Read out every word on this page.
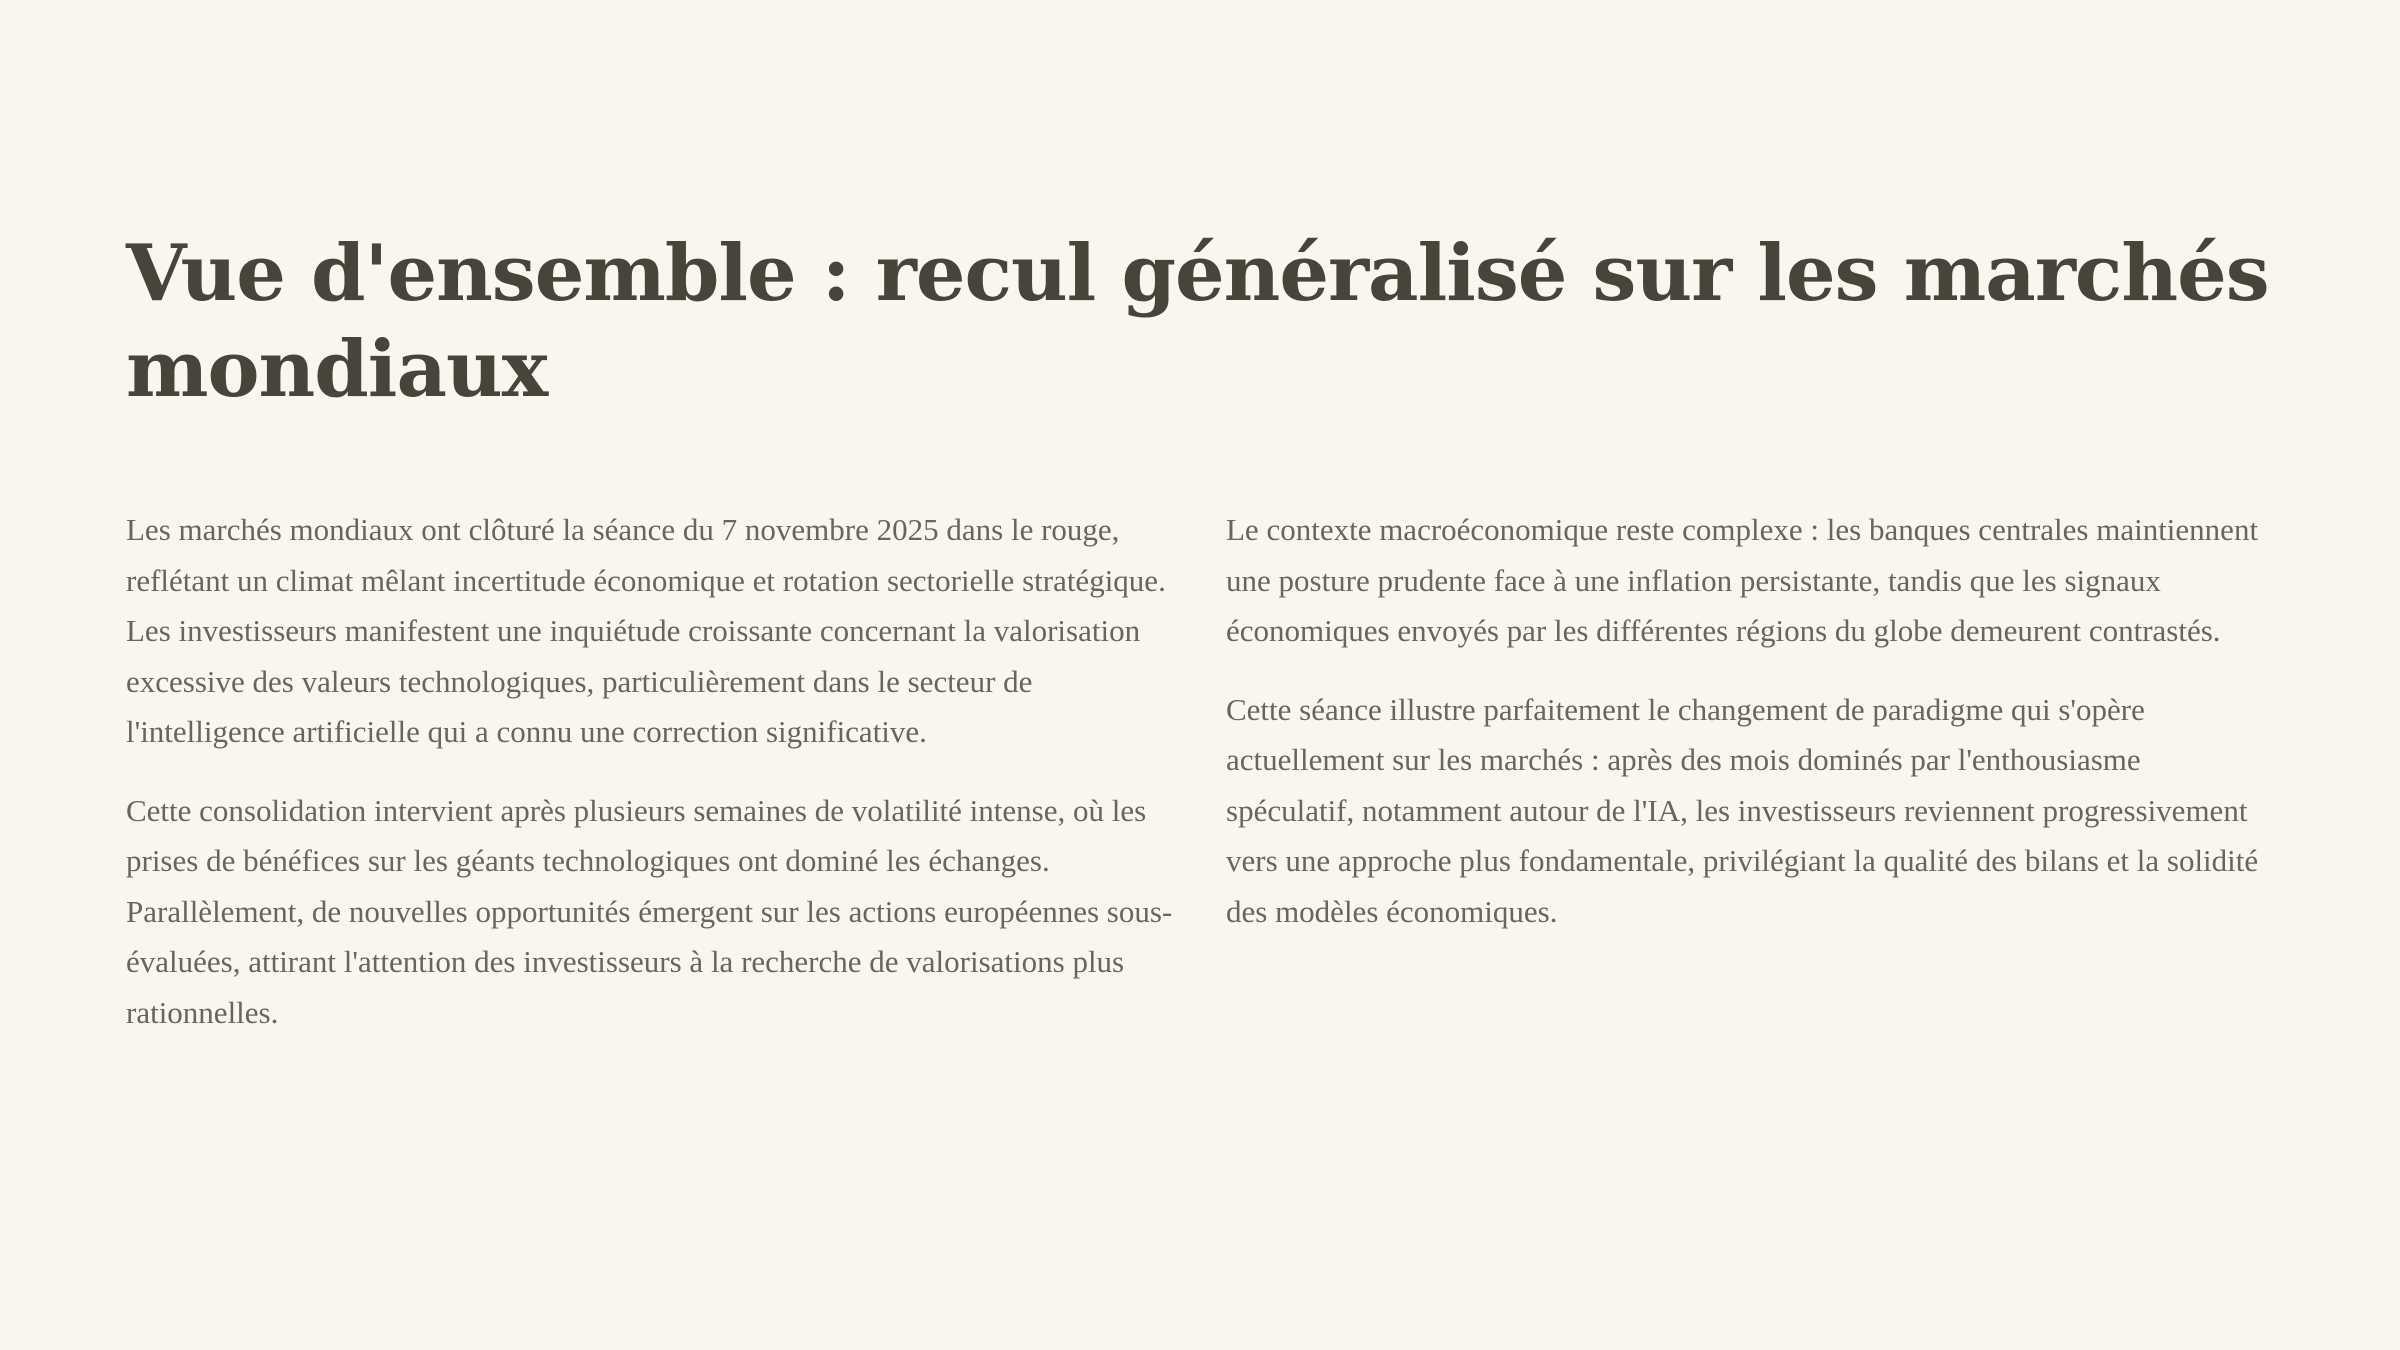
Vue d'ensemble : recul généralisé sur les marchés mondiaux

Les marchés mondiaux ont clôturé la séance du 7 novembre 2025 dans le rouge, reflétant un climat mêlant incertitude économique et rotation sectorielle stratégique. Les investisseurs manifestent une inquiétude croissante concernant la valorisation excessive des valeurs technologiques, particulièrement dans le secteur de l'intelligence artificielle qui a connu une correction significative.

Cette consolidation intervient après plusieurs semaines de volatilité intense, où les prises de bénéfices sur les géants technologiques ont dominé les échanges. Parallèlement, de nouvelles opportunités émergent sur les actions européennes sous-évaluées, attirant l'attention des investisseurs à la recherche de valorisations plus rationnelles.

Le contexte macroéconomique reste complexe : les banques centrales maintiennent une posture prudente face à une inflation persistante, tandis que les signaux économiques envoyés par les différentes régions du globe demeurent contrastés.

Cette séance illustre parfaitement le changement de paradigme qui s'opère actuellement sur les marchés : après des mois dominés par l'enthousiasme spéculatif, notamment autour de l'IA, les investisseurs reviennent progressivement vers une approche plus fondamentale, privilégiant la qualité des bilans et la solidité des modèles économiques.
